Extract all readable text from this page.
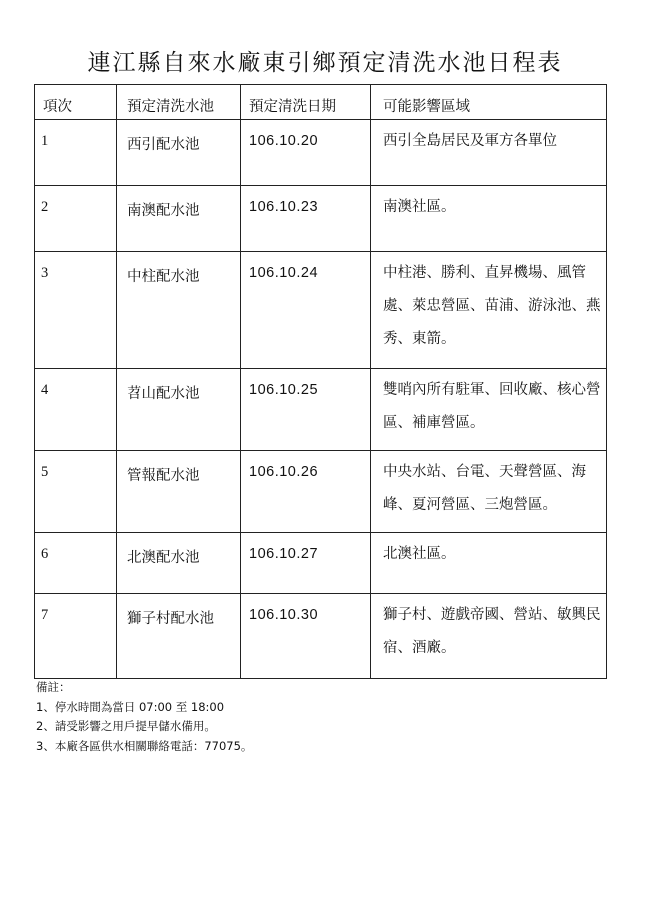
連江縣自來水廠東引鄉預定清洗水池日程表
項次	預定清洗水池	預定清洗日期	可能影響區域
1	西引配水池	106.10.20	西引全島居民及軍方各單位

2	南澳配水池	106.10.23	南澳社區。

3	中柱配水池	106.10.24	中柱港、勝利、直昇機場、風管處、萊忠營區、苗浦、游泳池、燕秀、東箭。

4	苕山配水池	106.10.25	雙哨內所有駐軍、回收廠、核心營區、補庫營區。

5	管報配水池	106.10.26	中央水站、台電、天聲營區、海峰、夏河營區、三炮營區。

6	北澳配水池	106.10.27	北澳社區。

7	獅子村配水池	106.10.30	獅子村、遊戲帝國、營站、敏興民宿、酒廠。
備註：
1、停水時間為當日 07:00 至 18:00
2、請受影響之用戶提早儲水備用。
3、本廠各區供水相關聯絡電話：77075。
